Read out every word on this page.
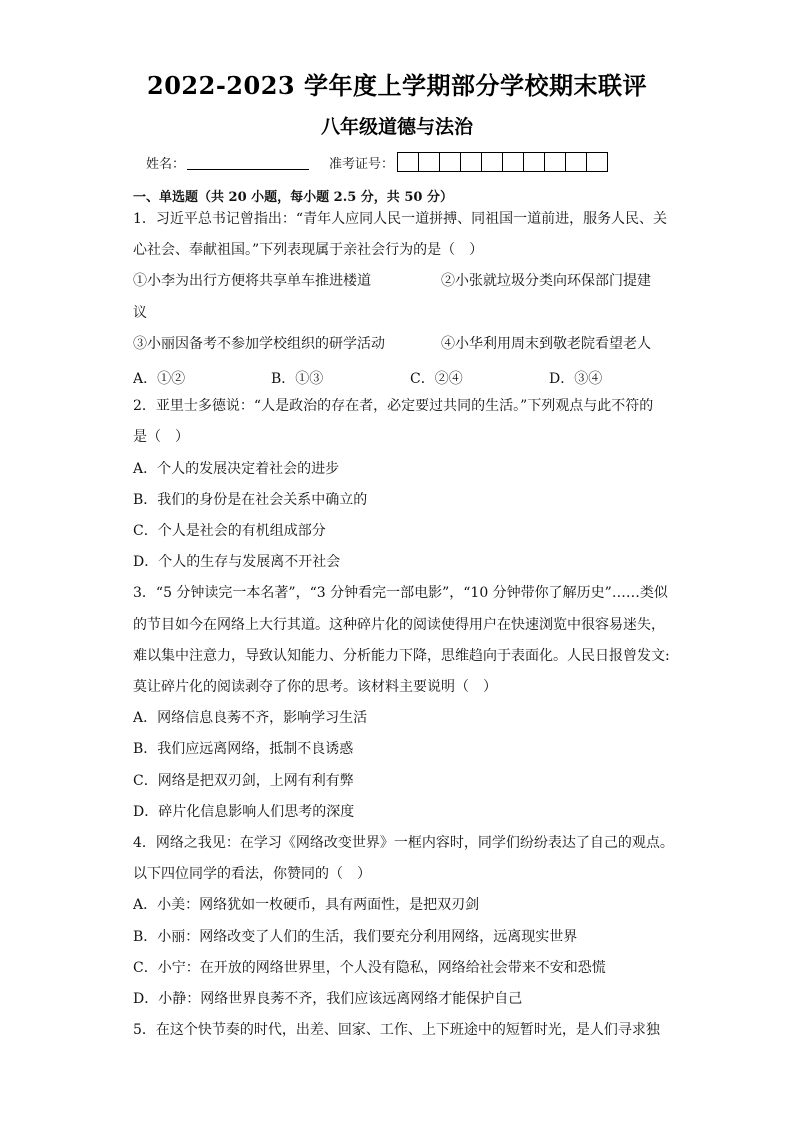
2022-2023 学年度上学期部分学校期末联评
八年级道德与法治
姓名：	准考证号：
一、单选题（共 20 小题，每小题 2.5 分，共 50 分）
1．习近平总书记曾指出：“青年人应同人民一道拼搏、同祖国一道前进，服务人民、关
心社会、奉献祖国。”下列表现属于亲社会行为的是（　）
①小李为出行方便将共享单车推进楼道　　　　　②小张就垃圾分类向环保部门提建
议
③小丽因备考不参加学校组织的研学活动　　　　④小华利用周末到敬老院看望老人
A．①②	B．①③	C．②④	D．③④
2．亚里士多德说：“人是政治的存在者，必定要过共同的生活。”下列观点与此不符的
是（　）
A．个人的发展决定着社会的进步
B．我们的身份是在社会关系中确立的
C．个人是社会的有机组成部分
D．个人的生存与发展离不开社会
3．“5 分钟读完一本名著”，“3 分钟看完一部电影”，“10 分钟带你了解历史”……类似
的节目如今在网络上大行其道。这种碎片化的阅读使得用户在快速浏览中很容易迷失，
难以集中注意力，导致认知能力、分析能力下降，思维趋向于表面化。人民日报曾发文:
莫让碎片化的阅读剥夺了你的思考。该材料主要说明（　）
A．网络信息良莠不齐，影响学习生活
B．我们应远离网络，抵制不良诱惑
C．网络是把双刃剑，上网有利有弊
D．碎片化信息影响人们思考的深度
4．网络之我见：在学习《网络改变世界》一框内容时，同学们纷纷表达了自己的观点。
以下四位同学的看法，你赞同的（　）
A．小美：网络犹如一枚硬币，具有两面性，是把双刃剑
B．小丽：网络改变了人们的生活，我们要充分利用网络，远离现实世界
C．小宁：在开放的网络世界里，个人没有隐私，网络给社会带来不安和恐慌
D．小静：网络世界良莠不齐，我们应该远离网络才能保护自己
5．在这个快节奏的时代，出差、回家、工作、上下班途中的短暂时光，是人们寻求独
